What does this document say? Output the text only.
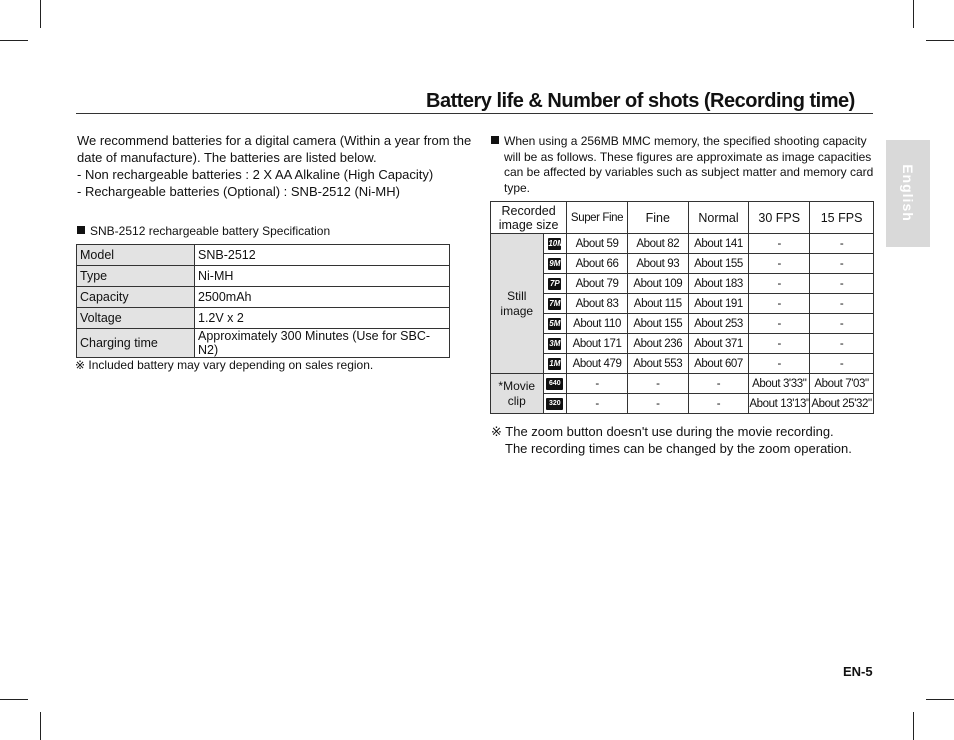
Battery life & Number of shots (Recording time)
English
We recommend batteries for a digital camera (Within a year from the
date of manufacture). The batteries are listed below.
- Non rechargeable batteries : 2 X AA Alkaline (High Capacity)
- Rechargeable batteries (Optional) : SNB-2512 (Ni-MH)
SNB-2512 rechargeable battery Specification
Model	SNB-2512
Type	Ni-MH
Capacity	2500mAh
Voltage	1.2V x 2
Charging time	Approximately 300 Minutes (Use for SBC-N2)
※ Included battery may vary depending on sales region.
When using a 256MB MMC memory, the specified shooting capacity
will be as follows. These figures are approximate as image capacities
can be affected by variables such as subject matter and memory card
type.
Recorded image size		Super Fine	Fine	Normal	30 FPS	15 FPS
Still image	10M	About 59	About 82	About 141	-	-
	9M	About 66	About 93	About 155	-	-
	7P	About 79	About 109	About 183	-	-
	7M	About 83	About 115	About 191	-	-
	5M	About 110	About 155	About 253	-	-
	3M	About 171	About 236	About 371	-	-
	1M	About 479	About 553	About 607	-	-
*Movie clip	640	-	-	-	About 3'33"	About 7'03"
	320	-	-	-	About 13'13"	About 25'32"
※ The zoom button doesn't use during the movie recording.
The recording times can be changed by the zoom operation.
EN-5
